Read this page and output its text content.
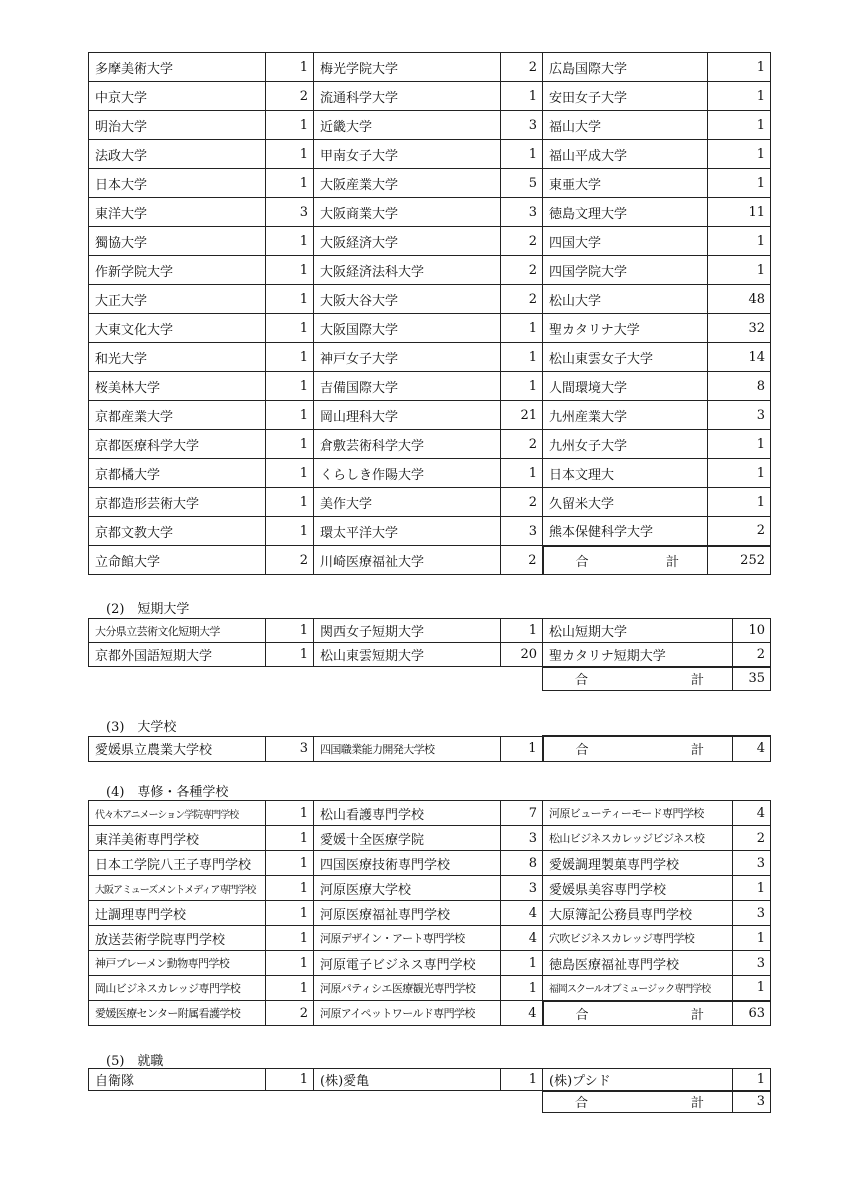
多摩美術大学	1	梅光学院大学	2	広島国際大学	1
中京大学	2	流通科学大学	1	安田女子大学	1
明治大学	1	近畿大学	3	福山大学	1
法政大学	1	甲南女子大学	1	福山平成大学	1
日本大学	1	大阪産業大学	5	東亜大学	1
東洋大学	3	大阪商業大学	3	徳島文理大学	11
獨協大学	1	大阪経済大学	2	四国大学	1
作新学院大学	1	大阪経済法科大学	2	四国学院大学	1
大正大学	1	大阪大谷大学	2	松山大学	48
大東文化大学	1	大阪国際大学	1	聖カタリナ大学	32
和光大学	1	神戸女子大学	1	松山東雲女子大学	14
桜美林大学	1	吉備国際大学	1	人間環境大学	8
京都産業大学	1	岡山理科大学	21	九州産業大学	3
京都医療科学大学	1	倉敷芸術科学大学	2	九州女子大学	1
京都橘大学	1	くらしき作陽大学	1	日本文理大	1
京都造形芸術大学	1	美作大学	2	久留米大学	1
京都文教大学	1	環太平洋大学	3	熊本保健科学大学	2
立命館大学	2	川崎医療福祉大学	2	合 計	252
(2)　短期大学
大分県立芸術文化短期大学	1	関西女子短期大学	1	松山短期大学	10
京都外国語短期大学	1	松山東雲短期大学	20	聖カタリナ短期大学	2

				合 計	35
(3)　大学校
愛媛県立農業大学校	3	四国職業能力開発大学校	1	合	計	4
(4)　専修・各種学校
代々木アニメーション学院専門学校	1	松山看護専門学校	7	河原ビューティーモード専門学校	4
東洋美術専門学校	1	愛媛十全医療学院	3	松山ビジネスカレッジビジネス校	2
日本工学院八王子専門学校	1	四国医療技術専門学校	8	愛媛調理製菓専門学校	3
大阪アミューズメントメディア専門学校	1	河原医療大学校	3	愛媛県美容専門学校	1
辻調理専門学校	1	河原医療福祉専門学校	4	大原簿記公務員専門学校	3
放送芸術学院専門学校	1	河原デザイン・アート専門学校	4	穴吹ビジネスカレッジ専門学校	1
神戸ブレーメン動物専門学校	1	河原電子ビジネス専門学校	1	徳島医療福祉専門学校	3
岡山ビジネスカレッジ専門学校	1	河原パティシエ医療観光専門学校	1	福岡スクールオブミュージック専門学校	1
愛媛医療センター附属看護学校	2	河原アイペットワールド専門学校	4	合 計	63
(5)　就職
自衛隊	1	(株)愛亀	1	(株)プシド	1

				合 計	3
